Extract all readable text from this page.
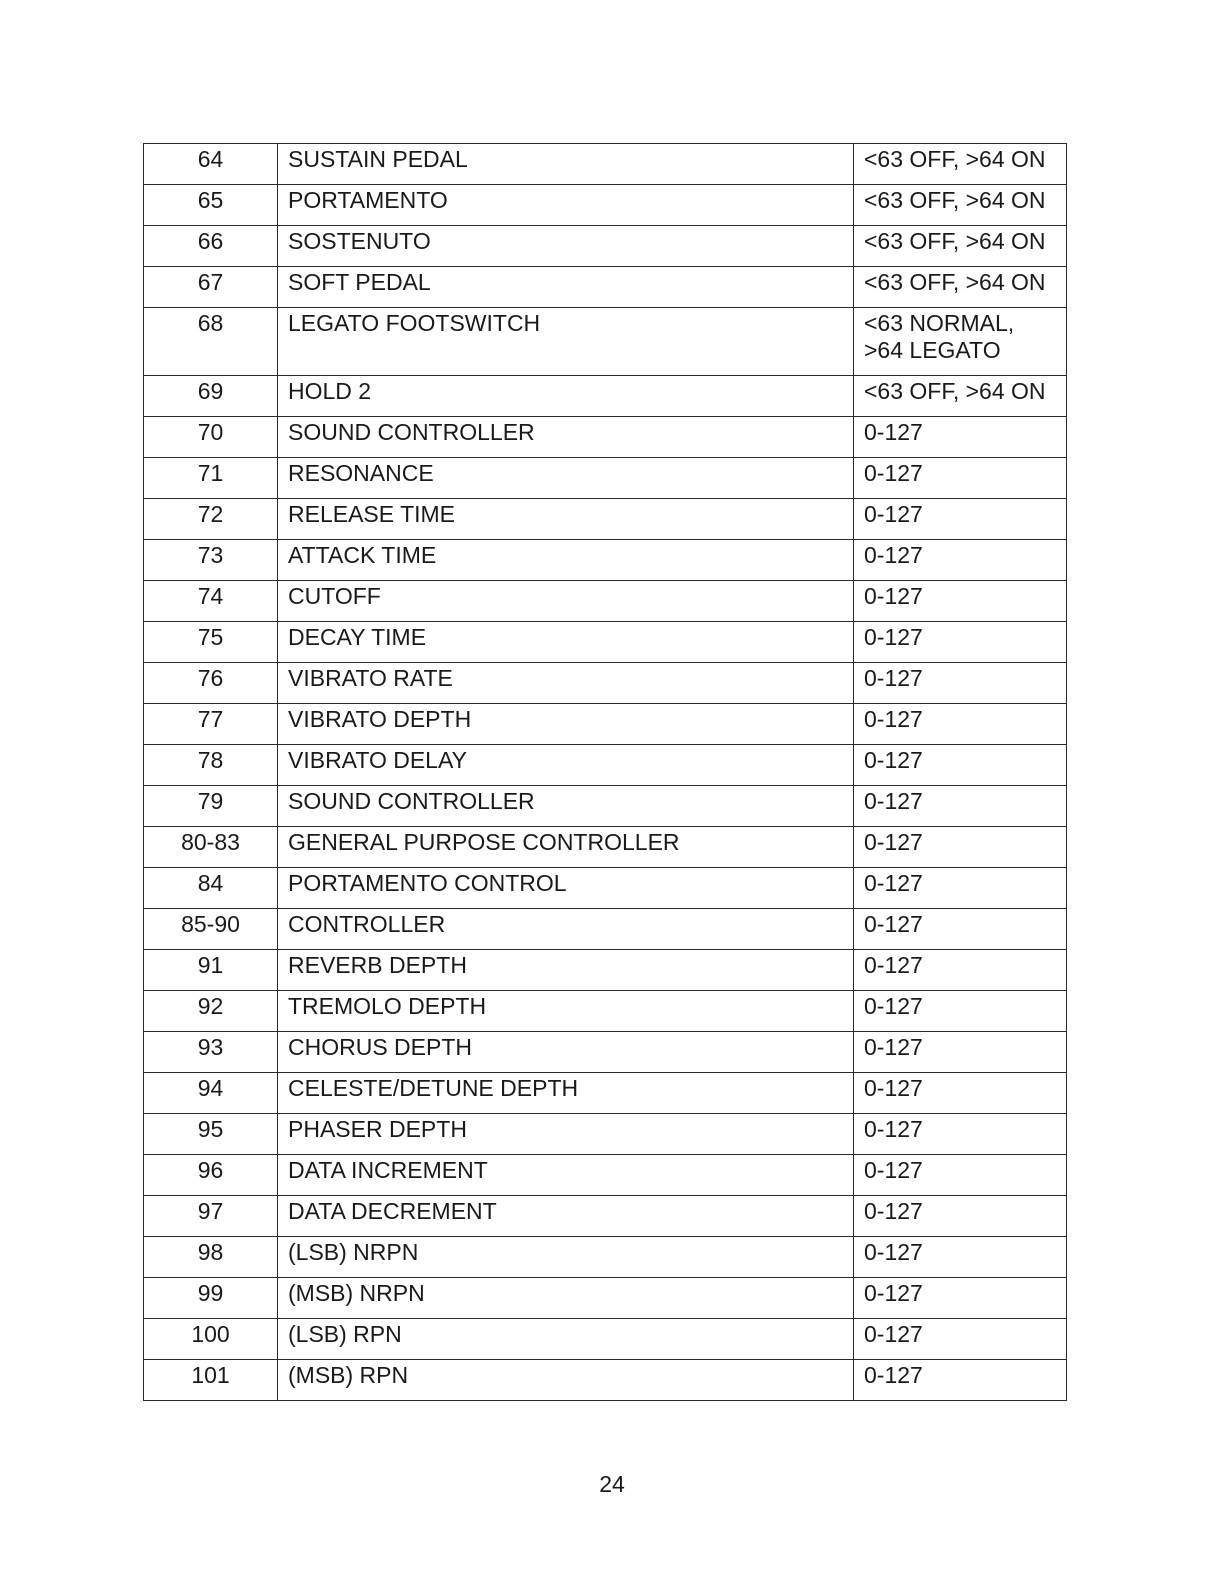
64	SUSTAIN PEDAL	<63 OFF, >64 ON
65	PORTAMENTO	<63 OFF, >64 ON
66	SOSTENUTO	<63 OFF, >64 ON
67	SOFT PEDAL	<63 OFF, >64 ON
68	LEGATO FOOTSWITCH	<63 NORMAL,
>64 LEGATO
69	HOLD 2	<63 OFF, >64 ON
70	SOUND CONTROLLER	0-127
71	RESONANCE	0-127
72	RELEASE TIME	0-127
73	ATTACK TIME	0-127
74	CUTOFF	0-127
75	DECAY TIME	0-127
76	VIBRATO RATE	0-127
77	VIBRATO DEPTH	0-127
78	VIBRATO DELAY	0-127
79	SOUND CONTROLLER	0-127
80-83	GENERAL PURPOSE CONTROLLER	0-127
84	PORTAMENTO CONTROL	0-127
85-90	CONTROLLER	0-127
91	REVERB DEPTH	0-127
92	TREMOLO DEPTH	0-127
93	CHORUS DEPTH	0-127
94	CELESTE/DETUNE DEPTH	0-127
95	PHASER DEPTH	0-127
96	DATA INCREMENT	0-127
97	DATA DECREMENT	0-127
98	(LSB) NRPN	0-127
99	(MSB) NRPN	0-127
100	(LSB) RPN	0-127
101	(MSB) RPN	0-127
24
